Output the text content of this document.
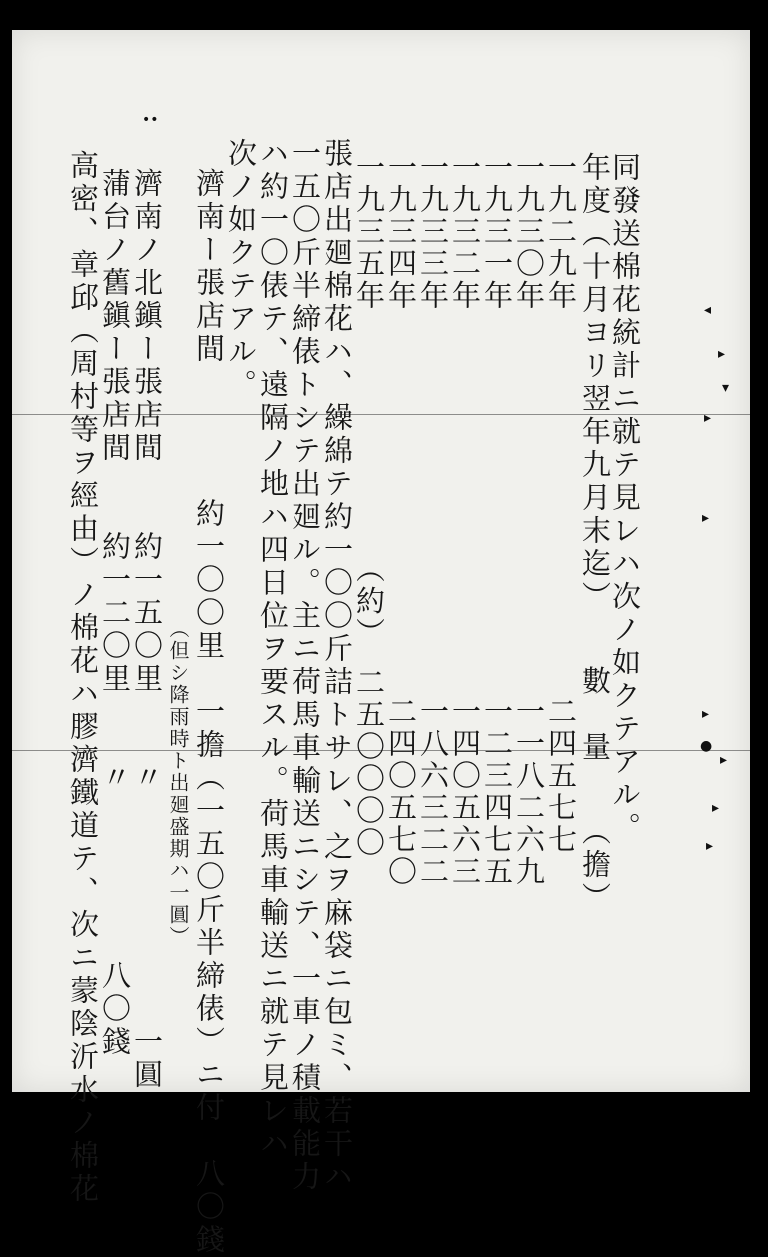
同發送棉花統計ニ就テ見レハ次ノ如クテアル。
年度（十月ヨリ翌年九月末迄）　　數　量　　（擔）
一九二九年　　　　　　　　　　　　二四五七七
一九三〇年　　　　　　　　　　　　一一八二六九
一九三一年　　　　　　　　　　　　一二三四七五
一九三二年　　　　　　　　　　　　一四〇五六三
一九三三年　　　　　　　　　　　　一八六三二二
一九三四年　　　　　　　　　　　　二四〇五七〇
一九三五年　　　　　　　　（約）　二五〇〇〇〇
張店出廻棉花ハ、繰綿テ約一〇〇斤詰トサレ、之ヲ麻袋ニ包ミ、若干ハ
一五〇斤半締俵トシテ出廻ル。主ニ荷馬車輸送ニシテ、一車ノ積載能力
ハ約一〇俵テ、遠隔ノ地ハ四日位ヲ要スル。荷馬車輸送ニ就テ見レハ
次ノ如クテアル。
濟南ー張店間　　　　約一〇〇里　一擔（一五〇斤半締俵）ニ付　八〇錢
（但シ降雨時ト出廻盛期ハ一圓）
濟南ノ北鎭ー張店間　　約一五〇里　　〃　　　　　　　一圓
蒲台ノ舊鎭ー張店間　　約一二〇里　　〃　　　　　八〇錢
高密、章邱（周村等ヲ經由）ノ棉花ハ膠濟鐵道テ、次ニ蒙陰沂水ノ棉花
••
◂
▸
▾
▸
▸
▸
●
▸
▸
▸
